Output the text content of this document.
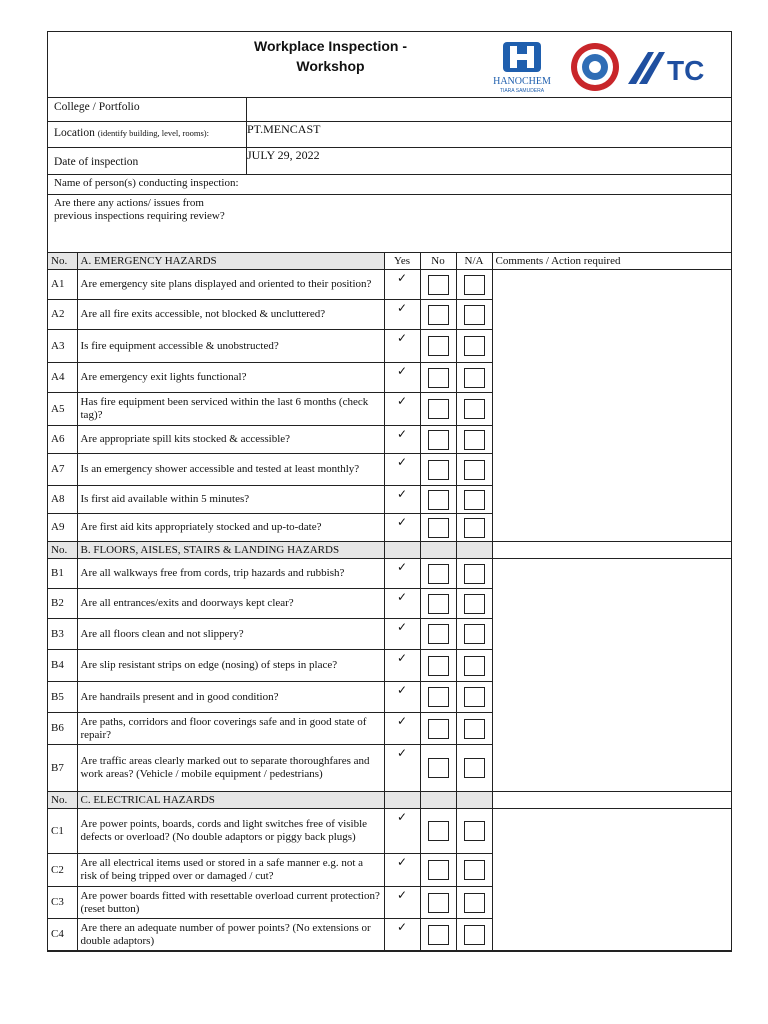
Workplace Inspection - Workshop
HANOCHEM
TIARA SAMUDERA
TC
College / Portfolio
Location (identify building, level, rooms):	PT.MENCAST
Date of inspection	JULY 29, 2022
Name of person(s) conducting inspection:
Are there any actions/ issues from previous inspections requiring review?
No.	A. EMERGENCY HAZARDS	Yes	No	N/A	Comments / Action required
A1	Are emergency site plans displayed and oriented to their position?	✓			
A2	Are all fire exits accessible, not blocked & uncluttered?	✓			
A3	Is fire equipment accessible & unobstructed?	✓			
A4	Are emergency exit lights functional?	✓			
A5	Has fire equipment been serviced within the last 6 months (check tag)?	✓			
A6	Are appropriate spill kits stocked & accessible?	✓			
A7	Is an emergency shower accessible and tested at least monthly?	✓			
A8	Is first aid available within 5 minutes?	✓			
A9	Are first aid kits appropriately stocked and up-to-date?	✓			
No.	B. FLOORS, AISLES, STAIRS & LANDING HAZARDS				
B1	Are all walkways free from cords, trip hazards and rubbish?	✓			
B2	Are all entrances/exits and doorways kept clear?	✓			
B3	Are all floors clean and not slippery?	✓			
B4	Are slip resistant strips on edge (nosing) of steps in place?	✓			
B5	Are handrails present and in good condition?	✓			
B6	Are paths, corridors and floor coverings safe and in good state of repair?	✓			
B7	Are traffic areas clearly marked out to separate thoroughfares and work areas? (Vehicle / mobile equipment / pedestrians)	✓			
No.	C. ELECTRICAL HAZARDS				
C1	Are power points, boards, cords and light switches free of visible defects or overload? (No double adaptors or piggy back plugs)	✓			
C2	Are all electrical items used or stored in a safe manner e.g. not a risk of being tripped over or damaged / cut?	✓			
C3	Are power boards fitted with resettable overload current protection? (reset button)	✓			
C4	Are there an adequate number of power points? (No extensions or double adaptors)	✓			
